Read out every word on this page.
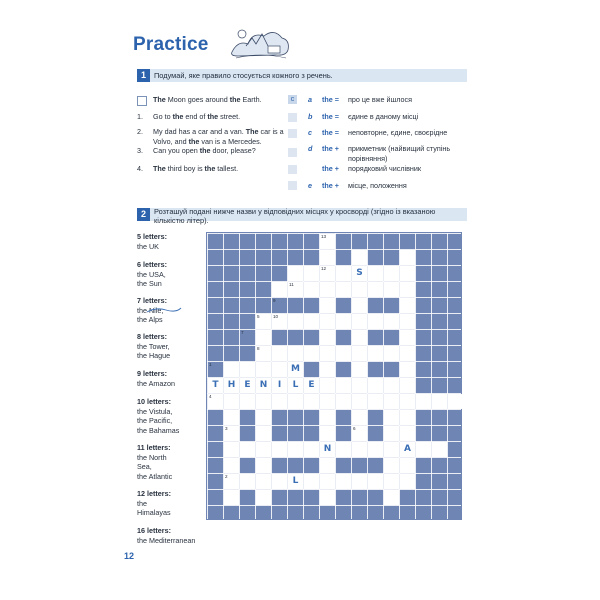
Practice
1	Подумай, яке правило стосується кожного з речень.
The Moon goes around the Earth.
1.	Go to the end of the street.
2.	My dad has a car and a van. The car is a Volvo, and the van is a Mercedes.
3.	Can you open the door, please?
4.	The third boy is the tallest.
c	a	the =	про це вже йшлося
b	the =	єдине в даному місці
c	the =	неповторне, єдине, своєрідне
d	the +	прикметник (найвищий ступінь порівняння)
the +	порядковий числівник
e	the +	місце, положення
2	Розташуй подані нижче назви у відповідних місцях у кросворді (згідно із вказаною кількістю літер).
5 letters:
the UK
6 letters:
the USA,
the Sun
7 letters:
the Nile,
the Alps
8 letters:
the Tower,
the Hague
9 letters:
the Amazon
10 letters:
the Vistula,
the Pacific,
the Bahamas
11 letters:
the North
Sea,
the Atlantic
12 letters:
the
Himalayas
16 letters:
the Mediterranean
1
2
3
4
5
6
7
8
9
10
11
12
13
T	H	E	N	I	L	E
S
M
N	A
L
12
